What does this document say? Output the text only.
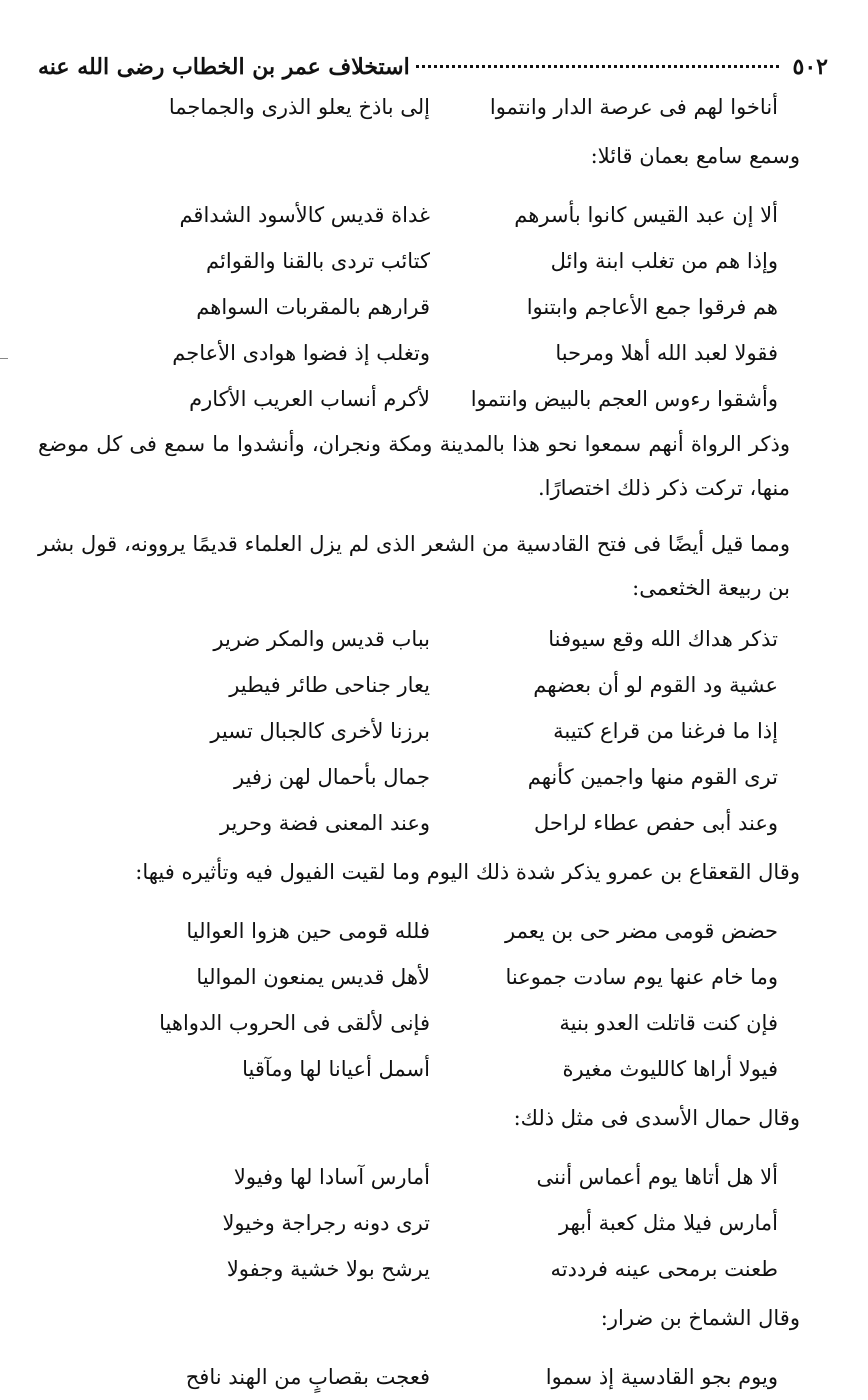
٥٠٢
استخلاف عمر بن الخطاب رضى الله عنه
أناخوا لهم فى عرصة الدار وانتموا
إلى باذخ يعلو الذرى والجماجما
وسمع سامع بعمان قائلا:
ألا إن عبد القيس كانوا بأسرهم
غداة قديس كالأسود الشداقم
وإذا هم من تغلب ابنة وائل
كتائب تردى بالقنا والقوائم
هم فرقوا جمع الأعاجم وابتنوا
قرارهم بالمقربات السواهم
فقولا لعبد الله أهلا ومرحبا
وتغلب إذ فضوا هوادى الأعاجم
وأشقوا رءوس العجم بالبيض وانتموا
لأكرم أنساب العريب الأكارم
وذكر الرواة أنهم سمعوا نحو هذا بالمدينة ومكة ونجران، وأنشدوا ما سمع فى كل موضع منها، تركت ذكر ذلك اختصارًا.
ومما قيل أيضًا فى فتح القادسية من الشعر الذى لم يزل العلماء قديمًا يروونه، قول بشر بن ربيعة الخثعمى:
تذكر هداك الله وقع سيوفنا
بباب قديس والمكر ضرير
عشية ود القوم لو أن بعضهم
يعار جناحى طائر فيطير
إذا ما فرغنا من قراع كتيبة
برزنا لأخرى كالجبال تسير
ترى القوم منها واجمين كأنهم
جمال بأحمال لهن زفير
وعند أبى حفص عطاء لراحل
وعند المعنى فضة وحرير
وقال القعقاع بن عمرو يذكر شدة ذلك اليوم وما لقيت الفيول فيه وتأثيره فيها:
حضض قومى مضر حى بن يعمر
فلله قومى حين هزوا العواليا
وما خام عنها يوم سادت جموعنا
لأهل قديس يمنعون المواليا
فإن كنت قاتلت العدو بنية
فإنى لألقى فى الحروب الدواهيا
فيولا أراها كالليوث مغيرة
أسمل أعيانا لها ومآقيا
وقال حمال الأسدى فى مثل ذلك:
ألا هل أتاها يوم أعماس أننى
أمارس آسادا لها وفيولا
أمارس فيلا مثل كعبة أبهر
ترى دونه رجراجة وخيولا
طعنت برمحى عينه فرددته
يرشح بولا خشية وجفولا
وقال الشماخ بن ضرار:
ويوم بجو القادسية إذ سموا
فعجت بقصابٍ من الهند نافح
